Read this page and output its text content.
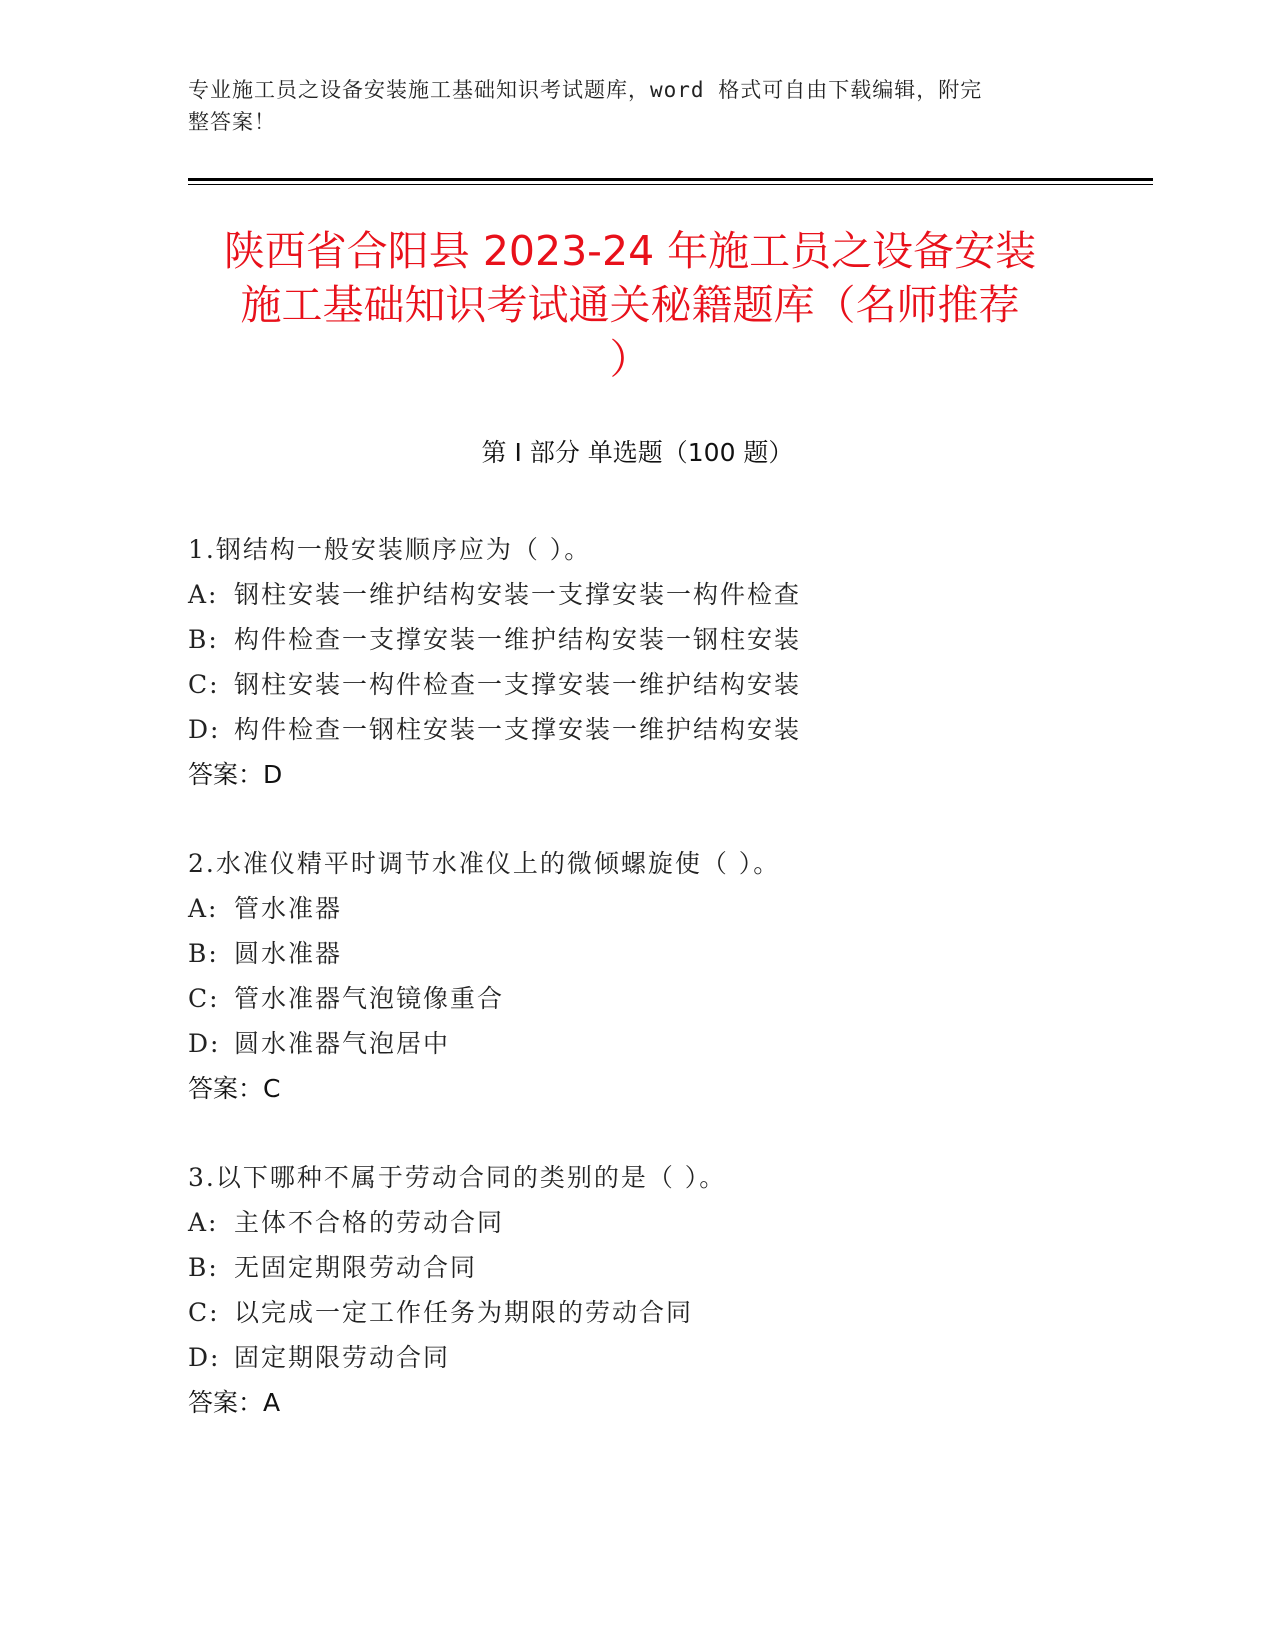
专业施工员之设备安装施工基础知识考试题库，word 格式可自由下载编辑，附完
整答案！
陕西省合阳县 2023-24 年施工员之设备安装
施工基础知识考试通关秘籍题库（名师推荐
）
第 I 部分 单选题（100 题）
1.钢结构一般安装顺序应为（ ）。
A: 钢柱安装一维护结构安装一支撑安装一构件检查
B: 构件检查一支撑安装一维护结构安装一钢柱安装
C: 钢柱安装一构件检查一支撑安装一维护结构安装
D: 构件检查一钢柱安装一支撑安装一维护结构安装
答案：D
2.水准仪精平时调节水准仪上的微倾螺旋使（ ）。
A: 管水准器
B: 圆水准器
C: 管水准器气泡镜像重合
D: 圆水准器气泡居中
答案：C
3.以下哪种不属于劳动合同的类别的是（ ）。
A: 主体不合格的劳动合同
B: 无固定期限劳动合同
C: 以完成一定工作任务为期限的劳动合同
D: 固定期限劳动合同
答案：A
